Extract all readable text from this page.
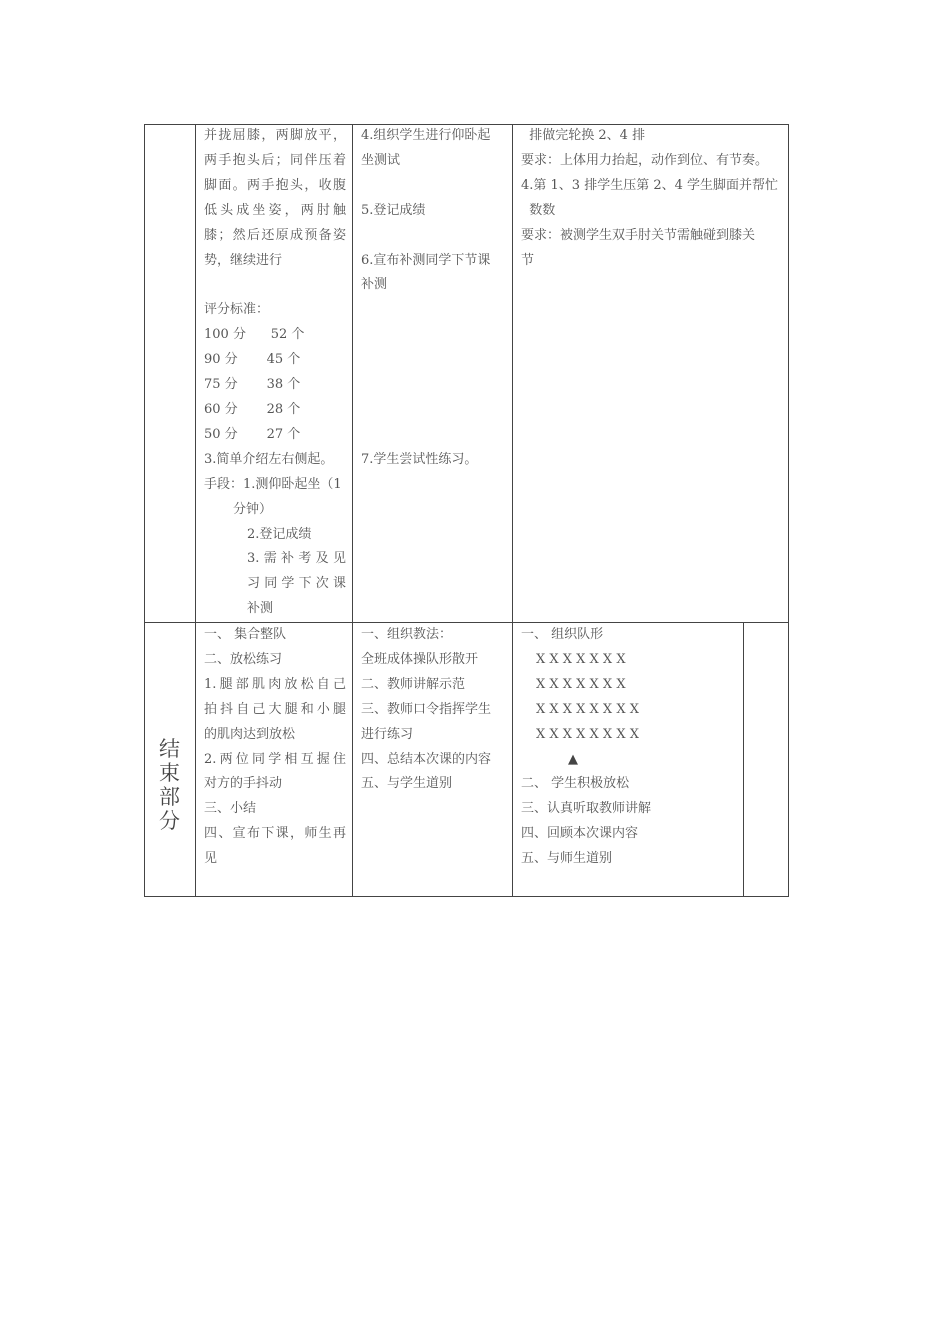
并拢屈膝，两脚放平，
两手抱头后；同伴压着
脚面。两手抱头，收腹
低头成坐姿，两肘触
膝；然后还原成预备姿
势，继续进行

评分标准：
100 分      52 个
90 分       45 个
75 分       38 个
60 分       28 个
50 分       27 个
3.简单介绍左右侧起。
手段：1.测仰卧起坐（1
分钟）
2.登记成绩
3.需补考及见
习同学下次课
补测
4.组织学生进行仰卧起
坐测试

5.登记成绩

6.宣布补测同学下节课
补测

7.学生尝试性练习。
排做完轮换 2、4 排
要求：上体用力抬起，动作到位、有节奏。
4.第 1、3 排学生压第 2、4 学生脚面并帮忙
数数
要求：被测学生双手肘关节需触碰到膝关
节
结
束
部
分
一、 集合整队
二、放松练习
1.腿部肌肉放松自己
拍抖自己大腿和小腿
的肌肉达到放松
2.两位同学相互握住
对方的手抖动
三、小结
四、宣布下课，师生再
见
一、组织教法：
全班成体操队形散开
二、教师讲解示范
三、教师口令指挥学生
进行练习
四、总结本次课的内容
五、与学生道别
一、 组织队形
X X X X X X X
X X X X X X X
X X X X X X X X
X X X X X X X X
▲
二、 学生积极放松
三、认真听取教师讲解
四、回顾本次课内容
五、与师生道别
